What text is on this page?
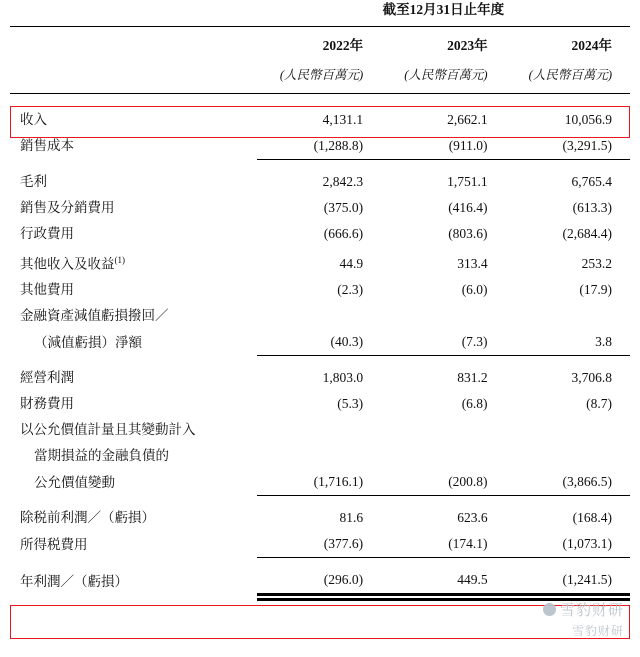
	截至12月31日止年度		

	2022年	2023年	2024年
	(人民幣百萬元)	(人民幣百萬元)	(人民幣百萬元)

收入	4,131.1	2,662.1	10,056.9
銷售成本	(1,288.8)	(911.0)	(3,291.5)

毛利	2,842.3	1,751.1	6,765.4
銷售及分銷費用	(375.0)	(416.4)	(613.3)
行政費用	(666.6)	(803.6)	(2,684.4)
其他收入及收益$^{(1)}$	44.9	313.4	253.2
其他費用	(2.3)	(6.0)	(17.9)
金融資產減值虧損撥回／			
（減值虧損）淨額	(40.3)	(7.3)	3.8

經營利潤	1,803.0	831.2	3,706.8
財務費用	(5.3)	(6.8)	(8.7)
以公允價值計量且其變動計入			
當期損益的金融負債的			
公允價值變動	(1,716.1)	(200.8)	(3,866.5)

除税前利潤／（虧損）	81.6	623.6	(168.4)
所得税費用	(377.6)	(174.1)	(1,073.1)

年利潤／（虧損）	(296.0)	449.5	(1,241.5)

雪豹财研
雪豹财研
